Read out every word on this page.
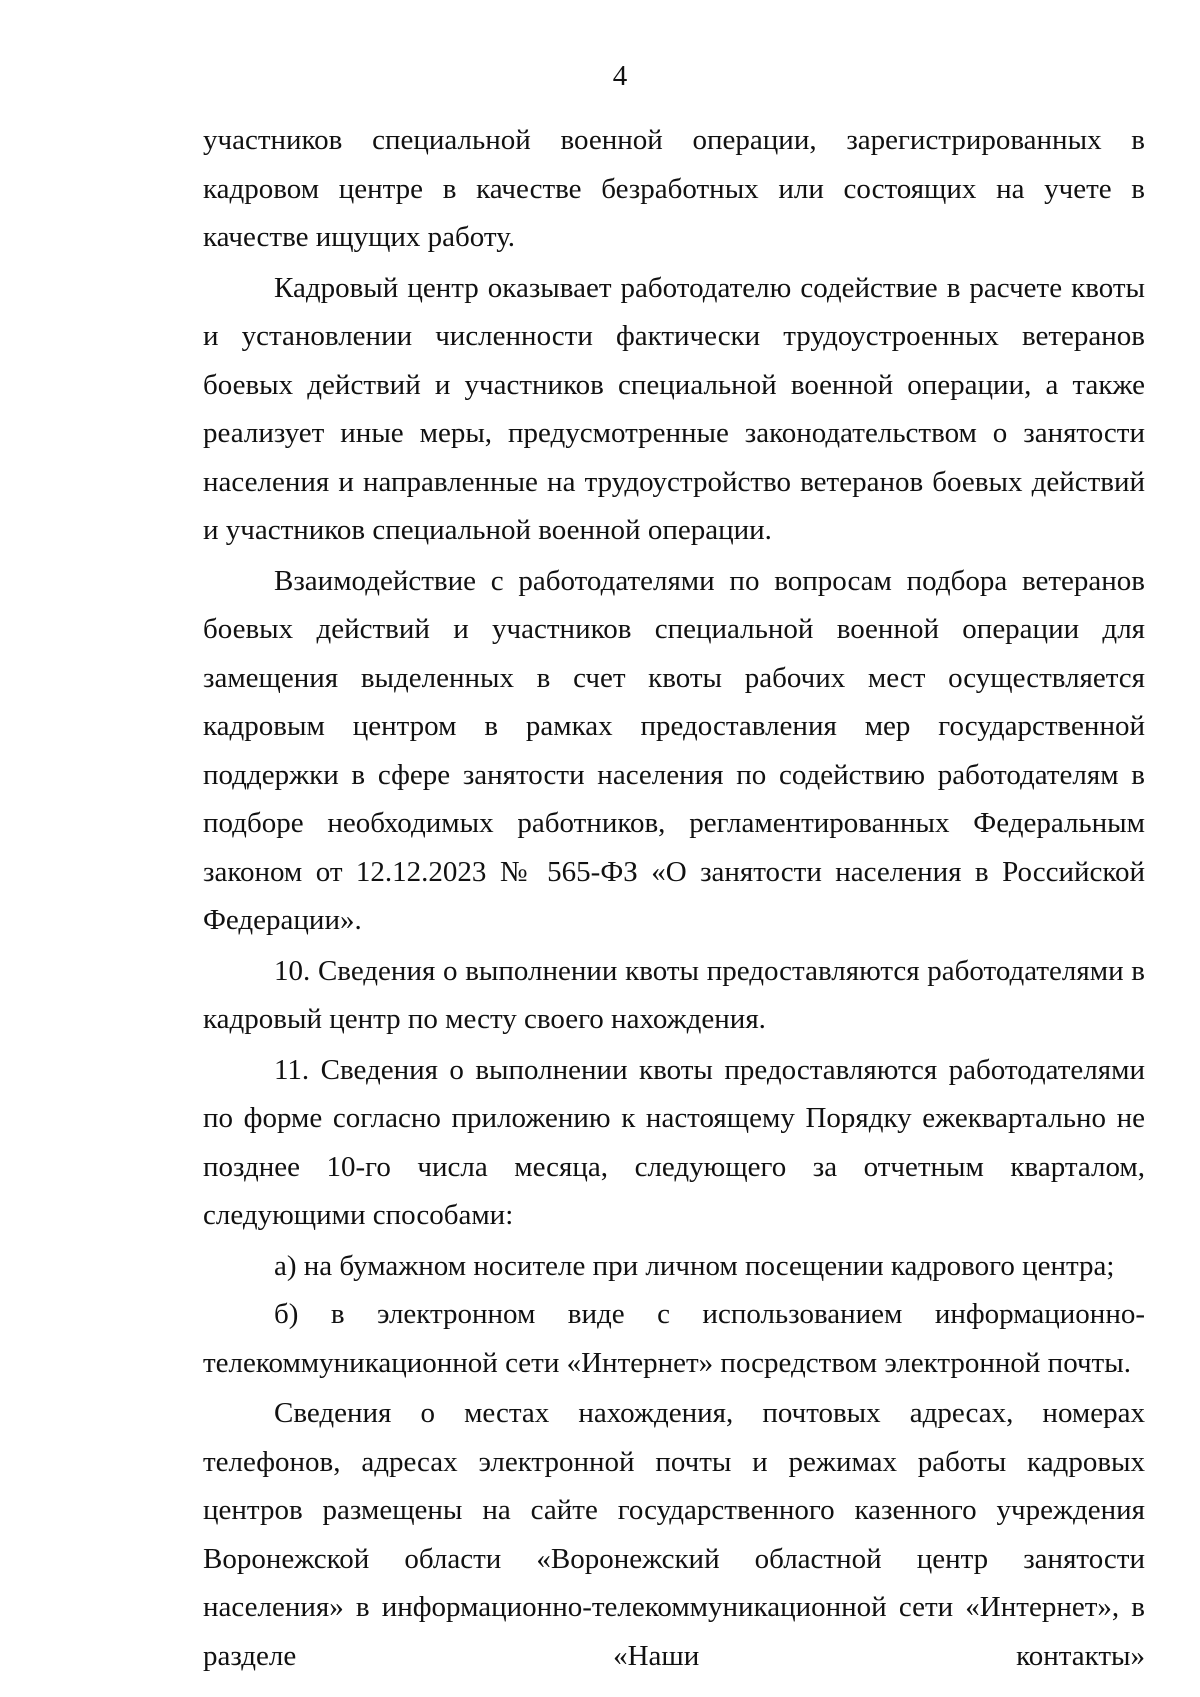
4

участников специальной военной операции, зарегистрированных в кадровом центре в качестве безработных или состоящих на учете в качестве ищущих работу.

Кадровый центр оказывает работодателю содействие в расчете квоты и установлении численности фактически трудоустроенных ветеранов боевых действий и участников специальной военной операции, а также реализует иные меры, предусмотренные законодательством о занятости населения и направленные на трудоустройство ветеранов боевых действий и участников специальной военной операции.

Взаимодействие с работодателями по вопросам подбора ветеранов боевых действий и участников специальной военной операции для замещения выделенных в счет квоты рабочих мест осуществляется кадровым центром в рамках предоставления мер государственной поддержки в сфере занятости населения по содействию работодателям в подборе необходимых работников, регламентированных Федеральным законом от 12.12.2023 № 565-ФЗ «О занятости населения в Российской Федерации».

10. Сведения о выполнении квоты предоставляются работодателями в кадровый центр по месту своего нахождения.

11. Сведения о выполнении квоты предоставляются работодателями по форме согласно приложению к настоящему Порядку ежеквартально не позднее 10-го числа месяца, следующего за отчетным кварталом, следующими способами:

а) на бумажном носителе при личном посещении кадрового центра;

б) в электронном виде с использованием информационно-телекоммуникационной сети «Интернет» посредством электронной почты.

Сведения о местах нахождения, почтовых адресах, номерах телефонов, адресах электронной почты и режимах работы кадровых центров размещены на сайте государственного казенного учреждения Воронежской области «Воронежский областной центр занятости населения» в информационно-телекоммуникационной сети «Интернет», в разделе «Наши контакты»
